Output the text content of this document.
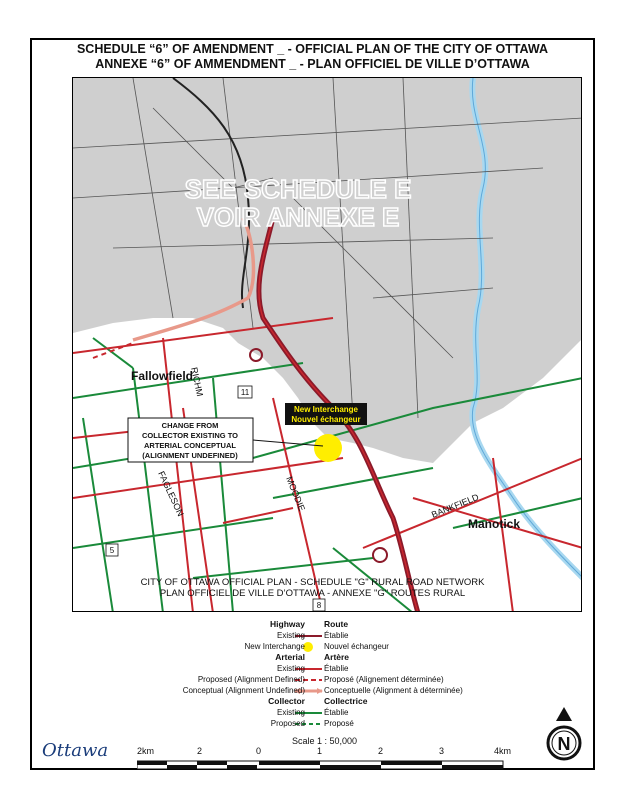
SCHEDULE “6” OF AMENDMENT _ - OFFICIAL PLAN OF THE CITY OF OTTAWA
ANNEXE “6” OF AMMENDMENT _ - PLAN OFFICIEL DE VILLE D’OTTAWA
SEE SCHEDULE E
VOIR ANNEXE E
Fallowfield
Manotick
RICHM
FAGLESON	MOODIE	BANKFIELD
11
5
8
New Interchange
Nouvel échangeur
CHANGE FROM
COLLECTOR EXISTING TO
ARTERIAL CONCEPTUAL
(ALIGNMENT UNDEFINED)
CITY OF OTTAWA OFFICIAL PLAN - SCHEDULE "G" RURAL ROAD NETWORK
PLAN OFFICIEL DE VILLE D’OTTAWA - ANNEXE "G" ROUTES RURAL
Highway Route
Existing Établie
New Interchange Nouvel échangeur
Arterial Artère
Existing Établie
Proposed (Alignment Defined) Proposé (Alignement déterminée)
Conceptual (Alignment Undefined) Conceptuelle (Alignment à déterminée)
Collector Collectrice
Existing Établie
Proposed Proposé
Scale 1 : 50,000
2km	2	0	1	2	3	4km
Ottawa	N
